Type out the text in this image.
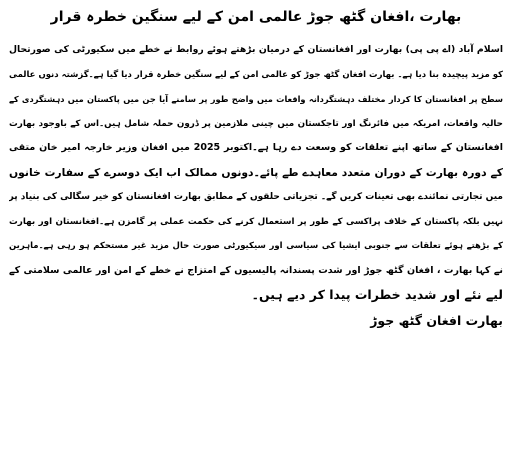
بھارت ،افغان گٹھ جوڑ عالمی امن کے لیے سنگین خطرہ قرار
اسلام آباد (اے پی پی) بھارت اور افغانستان کے درمیان بڑھتے ہوئے روابط نے خطے میں سکیورٹی کی صورتحال
کو مزید پیچیدہ بنا دیا ہے۔ بھارت افغان گٹھ جوڑ کو عالمی امن کے لیے سنگین خطرہ قرار دیا گیا ہے۔گزشتہ دنوں عالمی
سطح پر افغانستان کا کردار مختلف دہشتگردانہ واقعات میں واضح طور پر سامنے آیا جن میں پاکستان میں دہشتگردی کے
حالیہ واقعات، امریکہ میں فائرنگ اور تاجکستان میں چینی ملازمین پر ڈرون حملہ شامل ہیں۔اس کے باوجود بھارت
افغانستان کے ساتھ اپنے تعلقات کو وسعت دے رہا ہے۔اکتوبر 2025 میں افغان وزیر خارجہ امیر خان متقی
کے دورہ بھارت کے دوران متعدد معاہدے طے پائے۔دونوں ممالک اب ایک دوسرے کے سفارت خانوں
میں تجارتی نمائندے بھی تعینات کریں گے۔ تجزیاتی حلقوں کے مطابق بھارت افغانستان کو خیر سگالی کی بنیاد پر
نہیں بلکہ پاکستان کے خلاف پراکسی کے طور پر استعمال کرنے کی حکمت عملی پر گامزن ہے۔افغانستان اور بھارت
کے بڑھتے ہوئے تعلقات سے جنوبی ایشیا کی سیاسی اور سیکیورٹی صورت حال مزید غیر مستحکم ہو رہی ہے۔ماہرین
نے کہا بھارت ، افغان گٹھ جوڑ اور شدت پسندانہ پالیسیوں کے امتزاج نے خطے کے امن اور عالمی سلامتی کے
لیے نئے اور شدید خطرات پیدا کر دیے ہیں۔
بھارت افغان گٹھ جوڑ
